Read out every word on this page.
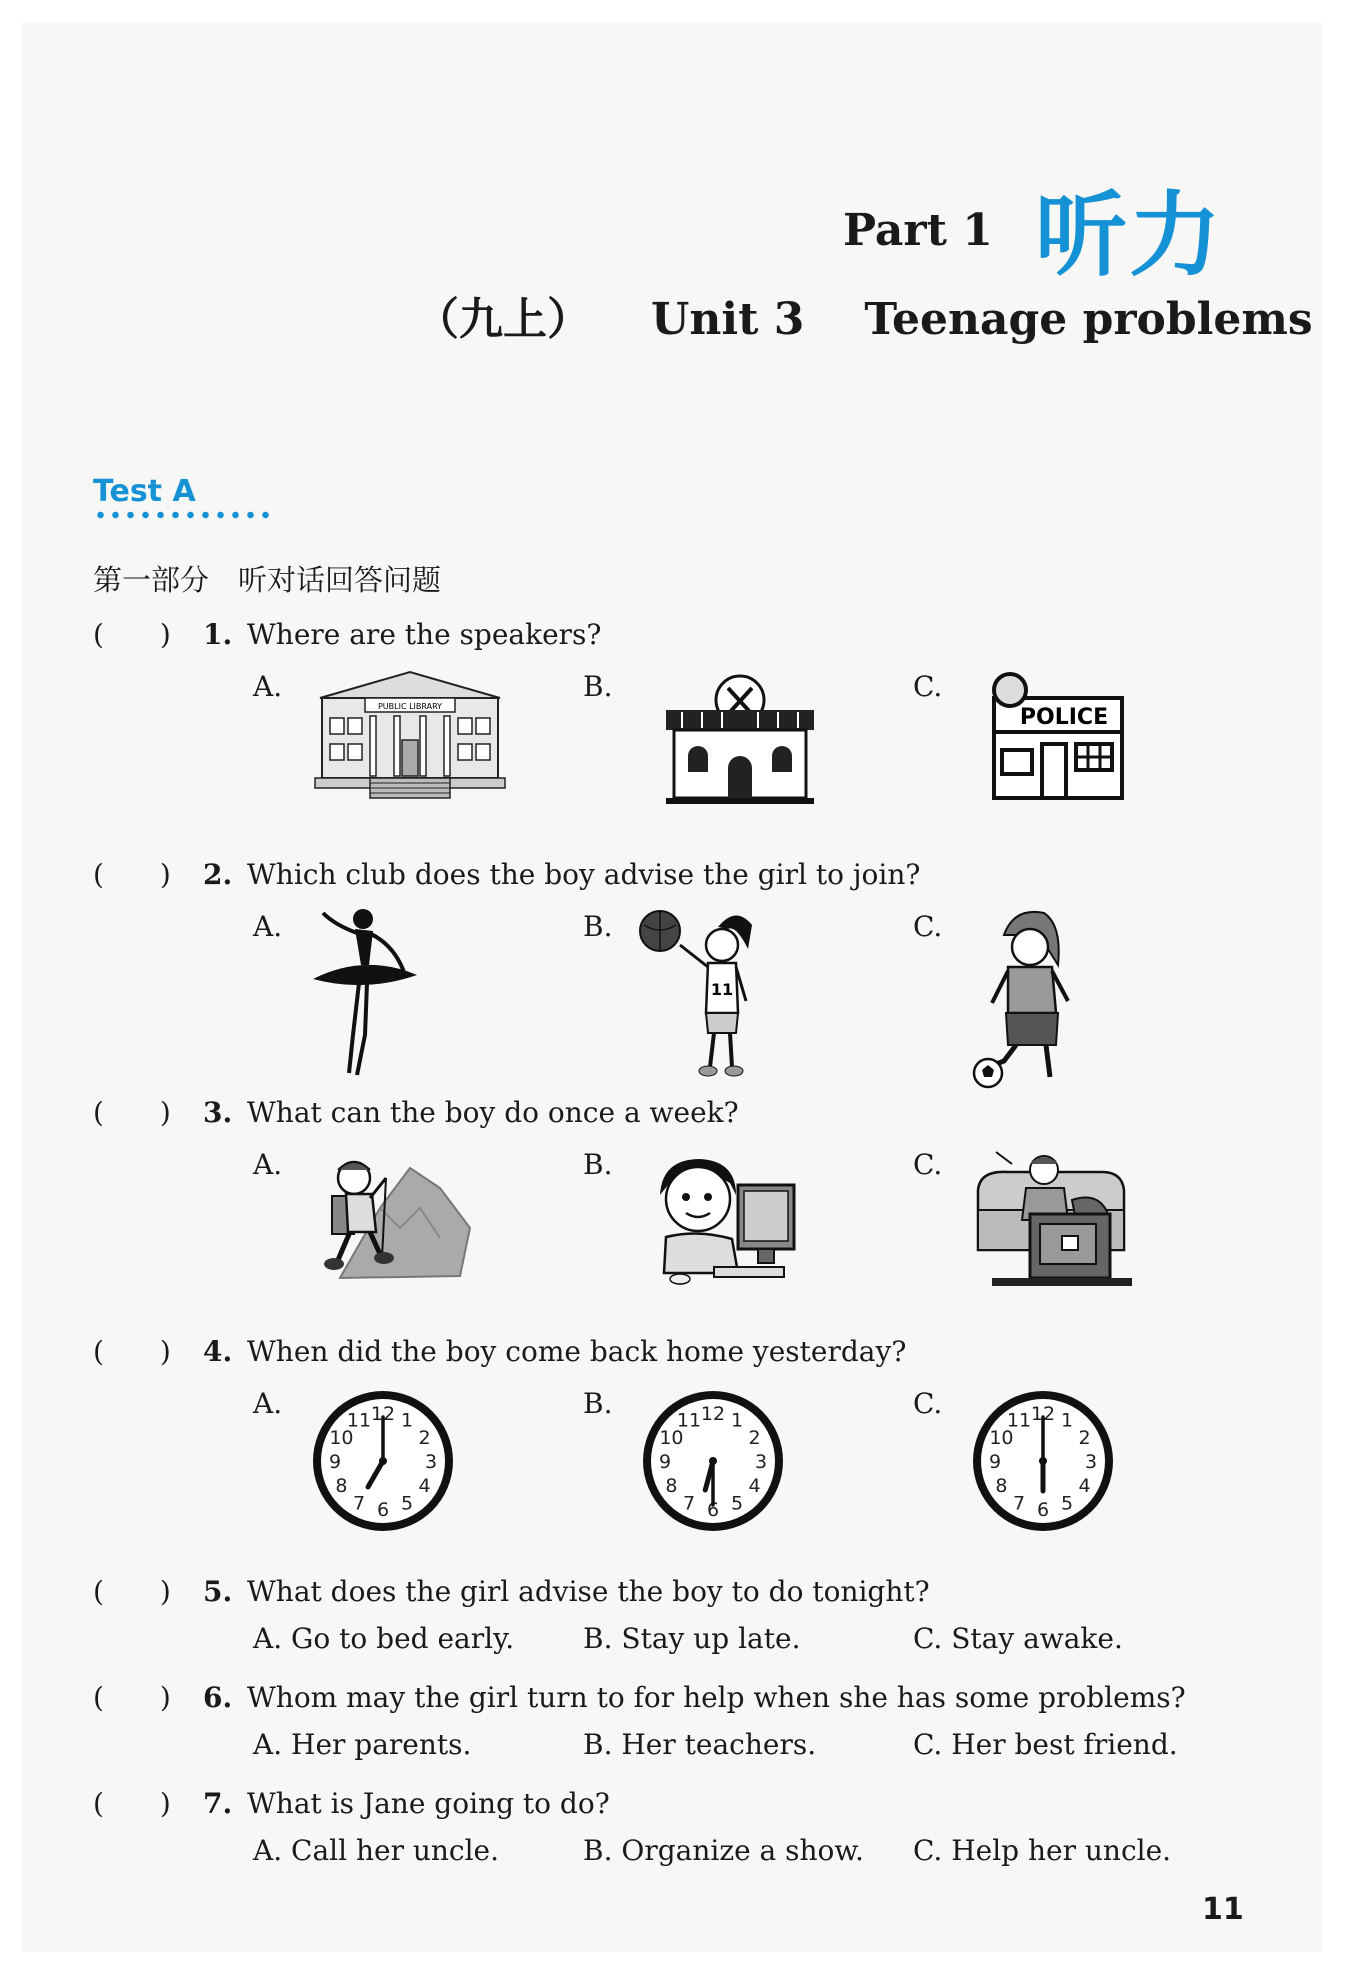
Part 1 听力
（九上） Unit 3 Teenage problems
Test A
第一部分　听对话回答问题
(　　) 1. Where are the speakers?
A.	B.	C.
PUBLIC LIBRARY	POLICE
(　　) 2. Which club does the boy advise the girl to join?
A.	B.	C.
11
(　　) 3. What can the boy do once a week?
A.	B.	C.
(　　) 4. When did the boy come back home yesterday?
A.	B.	C.
12 1
2
3
4
5
6
7
8
9
10
11	12 1
2
3
4
5
6
7
8
9
10
11	12 1
2
3
4
5
6
7
8
9
10
11
(　　) 5. What does the girl advise the boy to do tonight?
A. Go to bed early. B. Stay up late.	C. Stay awake.
(　　) 6. Whom may the girl turn to for help when she has some problems?
A. Her parents.	B. Her teachers.	C. Her best friend.
(　　) 7. What is Jane going to do?
A. Call her uncle.	B. Organize a show. C. Help her uncle.
11
